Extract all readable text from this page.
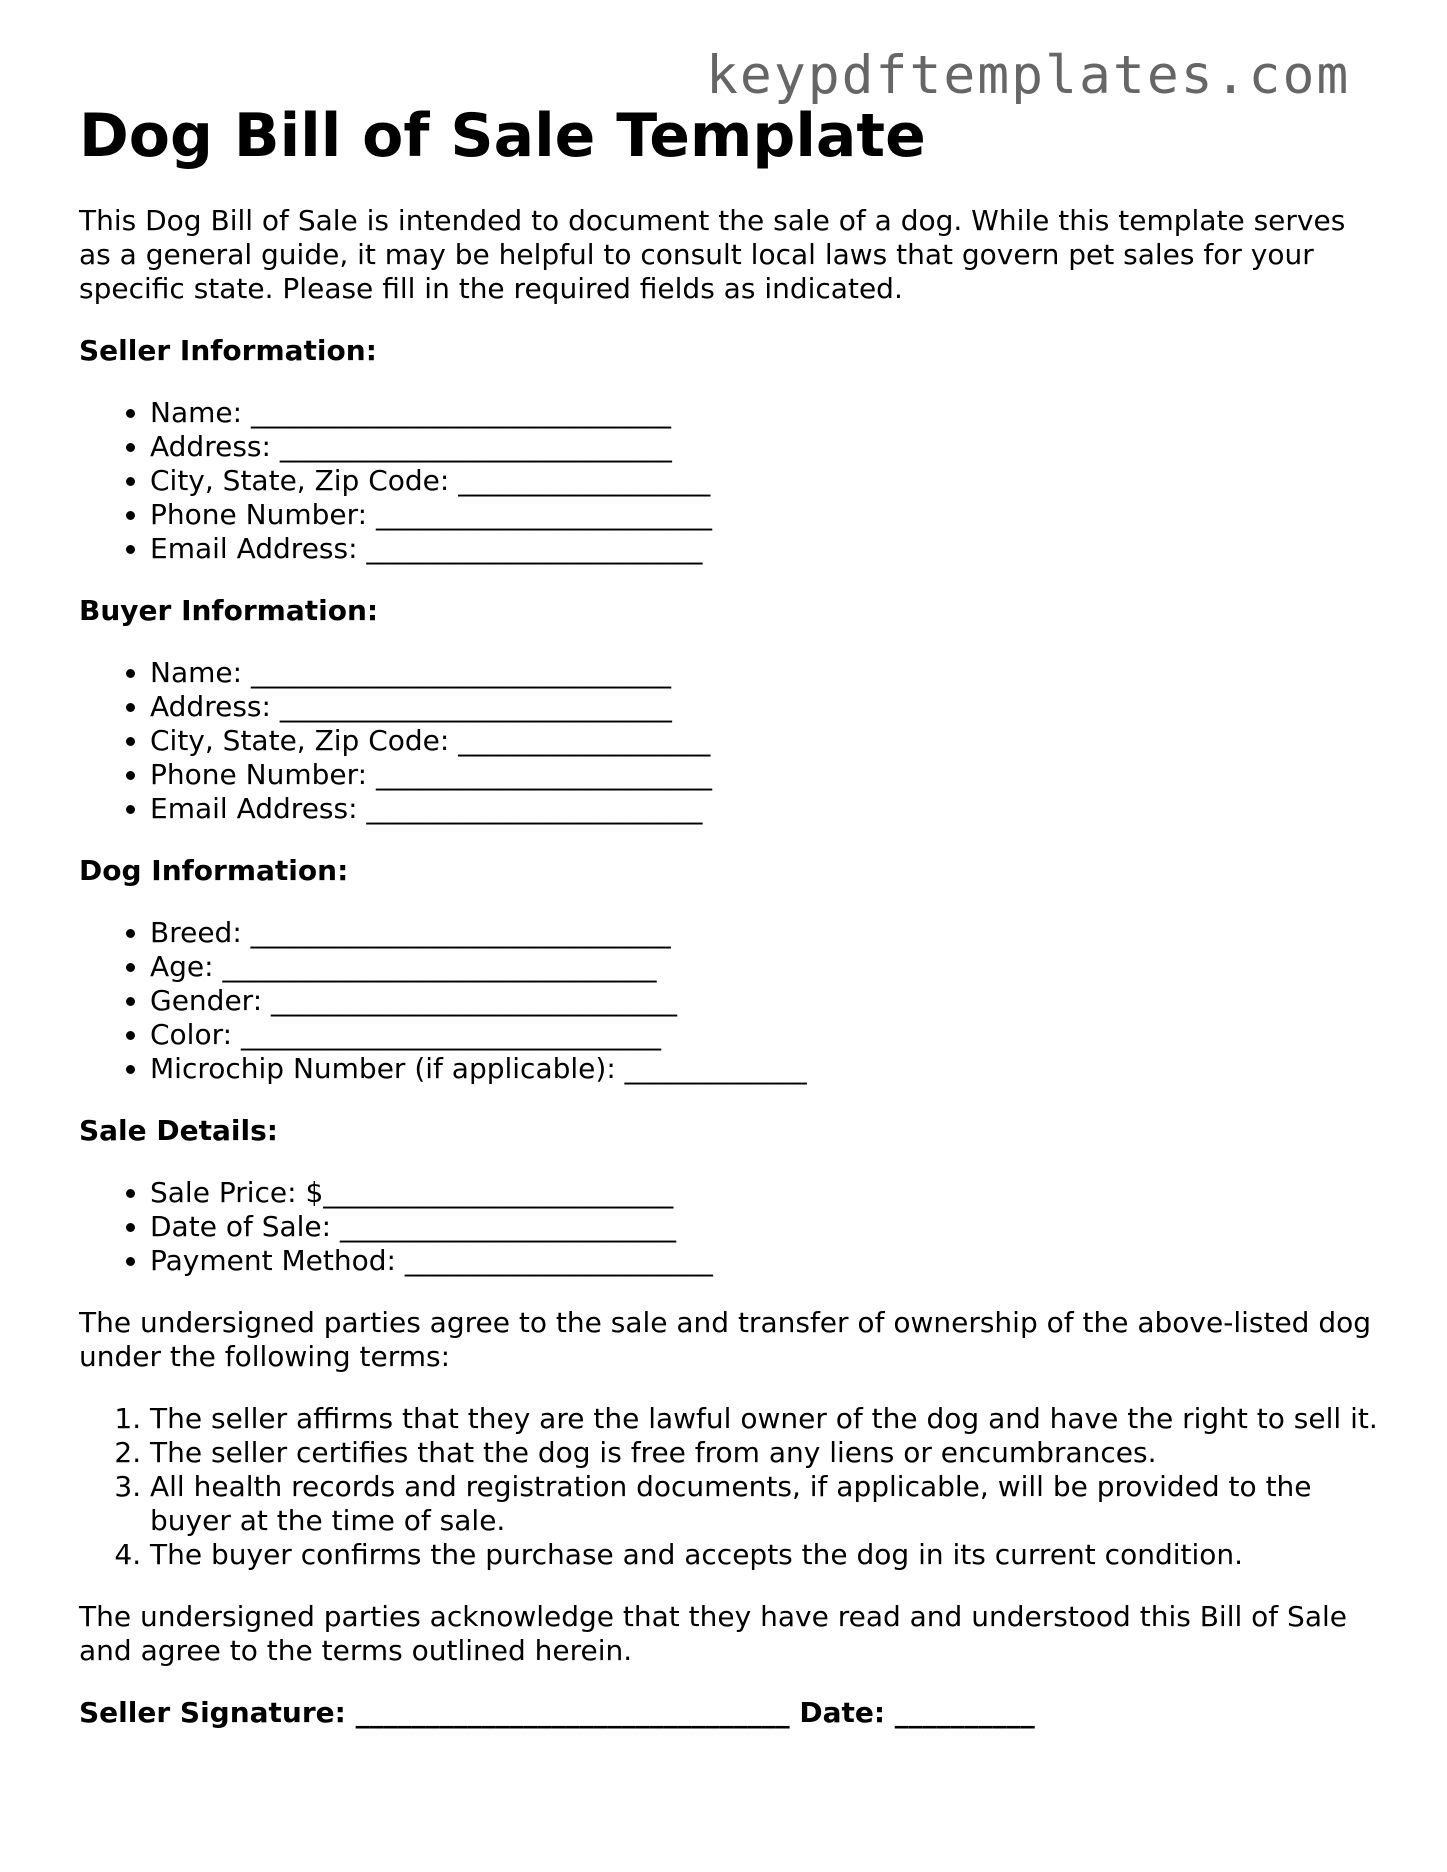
keypdftemplates.com
Dog Bill of Sale Template

This Dog Bill of Sale is intended to document the sale of a dog. While this template serves as a general guide, it may be helpful to consult local laws that govern pet sales for your specific state. Please fill in the required fields as indicated.

Seller Information:
• Name: ______________________________
• Address: ____________________________
• City, State, Zip Code: __________________
• Phone Number: ________________________
• Email Address: ________________________
Buyer Information:
• Name: ______________________________
• Address: ____________________________
• City, State, Zip Code: __________________
• Phone Number: ________________________
• Email Address: ________________________
Dog Information:
• Breed: ______________________________
• Age: _______________________________
• Gender: _____________________________
• Color: ______________________________
• Microchip Number (if applicable): _____________
Sale Details:
• Sale Price: $_________________________
• Date of Sale: ________________________
• Payment Method: ______________________

The undersigned parties agree to the sale and transfer of ownership of the above-listed dog under the following terms:

1. The seller affirms that they are the lawful owner of the dog and have the right to sell it.
2. The seller certifies that the dog is free from any liens or encumbrances.
3. All health records and registration documents, if applicable, will be provided to the buyer at the time of sale.
4. The buyer confirms the purchase and accepts the dog in its current condition.

The undersigned parties acknowledge that they have read and understood this Bill of Sale and agree to the terms outlined herein.

Seller Signature: _______________________________ Date: __________
